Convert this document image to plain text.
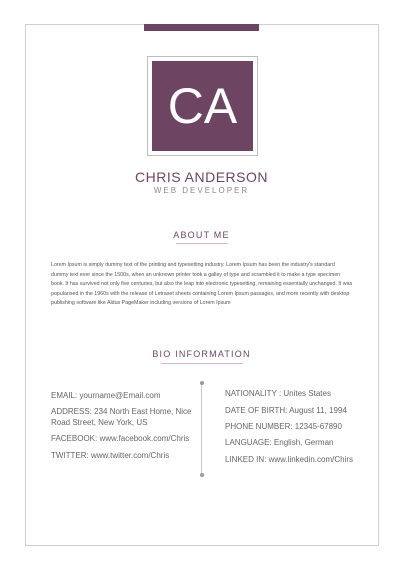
CA
CHRIS ANDERSON
WEB DEVELOPER
ABOUT ME
Lorem Ipsum is simply dummy text of the printing and typesetting industry. Lorem Ipsum has been the industry's standard dummy text ever since the 1500s, when an unknown printer took a galley of type and scrambled it to make a type specimen book. It has survived not only five centuries, but also the leap into electronic typesetting, remaining essentially unchanged. It was popularised in the 1960s with the release of Letraset sheets containing Lorem Ipsum passages, and more recently with desktop publishing software like Aldus PageMaker including versions of Lorem Ipsum
BIO INFORMATION
EMAIL: yourname@Email.com
ADDRESS: 234 North East Home, Nice
Road Street, New York, US
FACEBOOK: www.facebook.com/Chris
TWITTER: www.twitter.com/Chris
NATIONALITY : Unites States
DATE OF BIRTH: August 11, 1994
PHONE NUMBER: 12345-67890
LANGUAGE: English, German
LINKED IN: www.linkedin.com/Chirs
